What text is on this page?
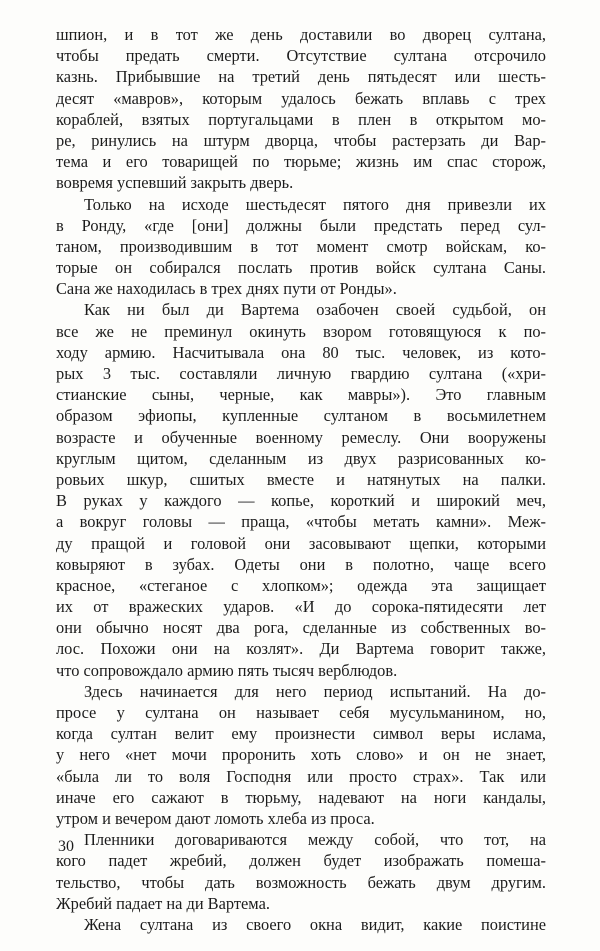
шпион, и в тот же день доставили во дворец султана,
чтобы предать смерти. Отсутствие султана отсрочило
казнь. Прибывшие на третий день пятьдесят или шесть-
десят «мавров», которым удалось бежать вплавь с трех
кораблей, взятых португальцами в плен в открытом мо-
ре, ринулись на штурм дворца, чтобы растерзать ди Вар-
тема и его товарищей по тюрьме; жизнь им спас сторож,
вовремя успевший закрыть дверь.
Только на исходе шестьдесят пятого дня привезли их
в Ронду, «где [они] должны были предстать перед сул-
таном, производившим в тот момент смотр войскам, ко-
торые он собирался послать против войск султана Саны.
Сана же находилась в трех днях пути от Ронды».
Как ни был ди Вартема озабочен своей судьбой, он
все же не преминул окинуть взором готовящуюся к по-
ходу армию. Насчитывала она 80 тыс. человек, из кото-
рых 3 тыс. составляли личную гвардию султана («хри-
стианские сыны, черные, как мавры»). Это главным
образом эфиопы, купленные султаном в восьмилетнем
возрасте и обученные военному ремеслу. Они вооружены
круглым щитом, сделанным из двух разрисованных ко-
ровьих шкур, сшитых вместе и натянутых на палки.
В руках у каждого — копье, короткий и широкий меч,
а вокруг головы — праща, «чтобы метать камни». Меж-
ду пращой и головой они засовывают щепки, которыми
ковыряют в зубах. Одеты они в полотно, чаще всего
красное, «стеганое с хлопком»; одежда эта защищает
их от вражеских ударов. «И до сорока-пятидесяти лет
они обычно носят два рога, сделанные из собственных во-
лос. Похожи они на козлят». Ди Вартема говорит также,
что сопровождало армию пять тысяч верблюдов.
Здесь начинается для него период испытаний. На до-
просе у султана он называет себя мусульманином, но,
когда султан велит ему произнести символ веры ислама,
у него «нет мочи проронить хоть слово» и он не знает,
«была ли то воля Господня или просто страх». Так или
иначе его сажают в тюрьму, надевают на ноги кандалы,
утром и вечером дают ломоть хлеба из проса.
Пленники договариваются между собой, что тот, на
кого падет жребий, должен будет изображать помеша-
тельство, чтобы дать возможность бежать двум другим.
Жребий падает на ди Вартема.
Жена султана из своего окна видит, какие поистине
30
